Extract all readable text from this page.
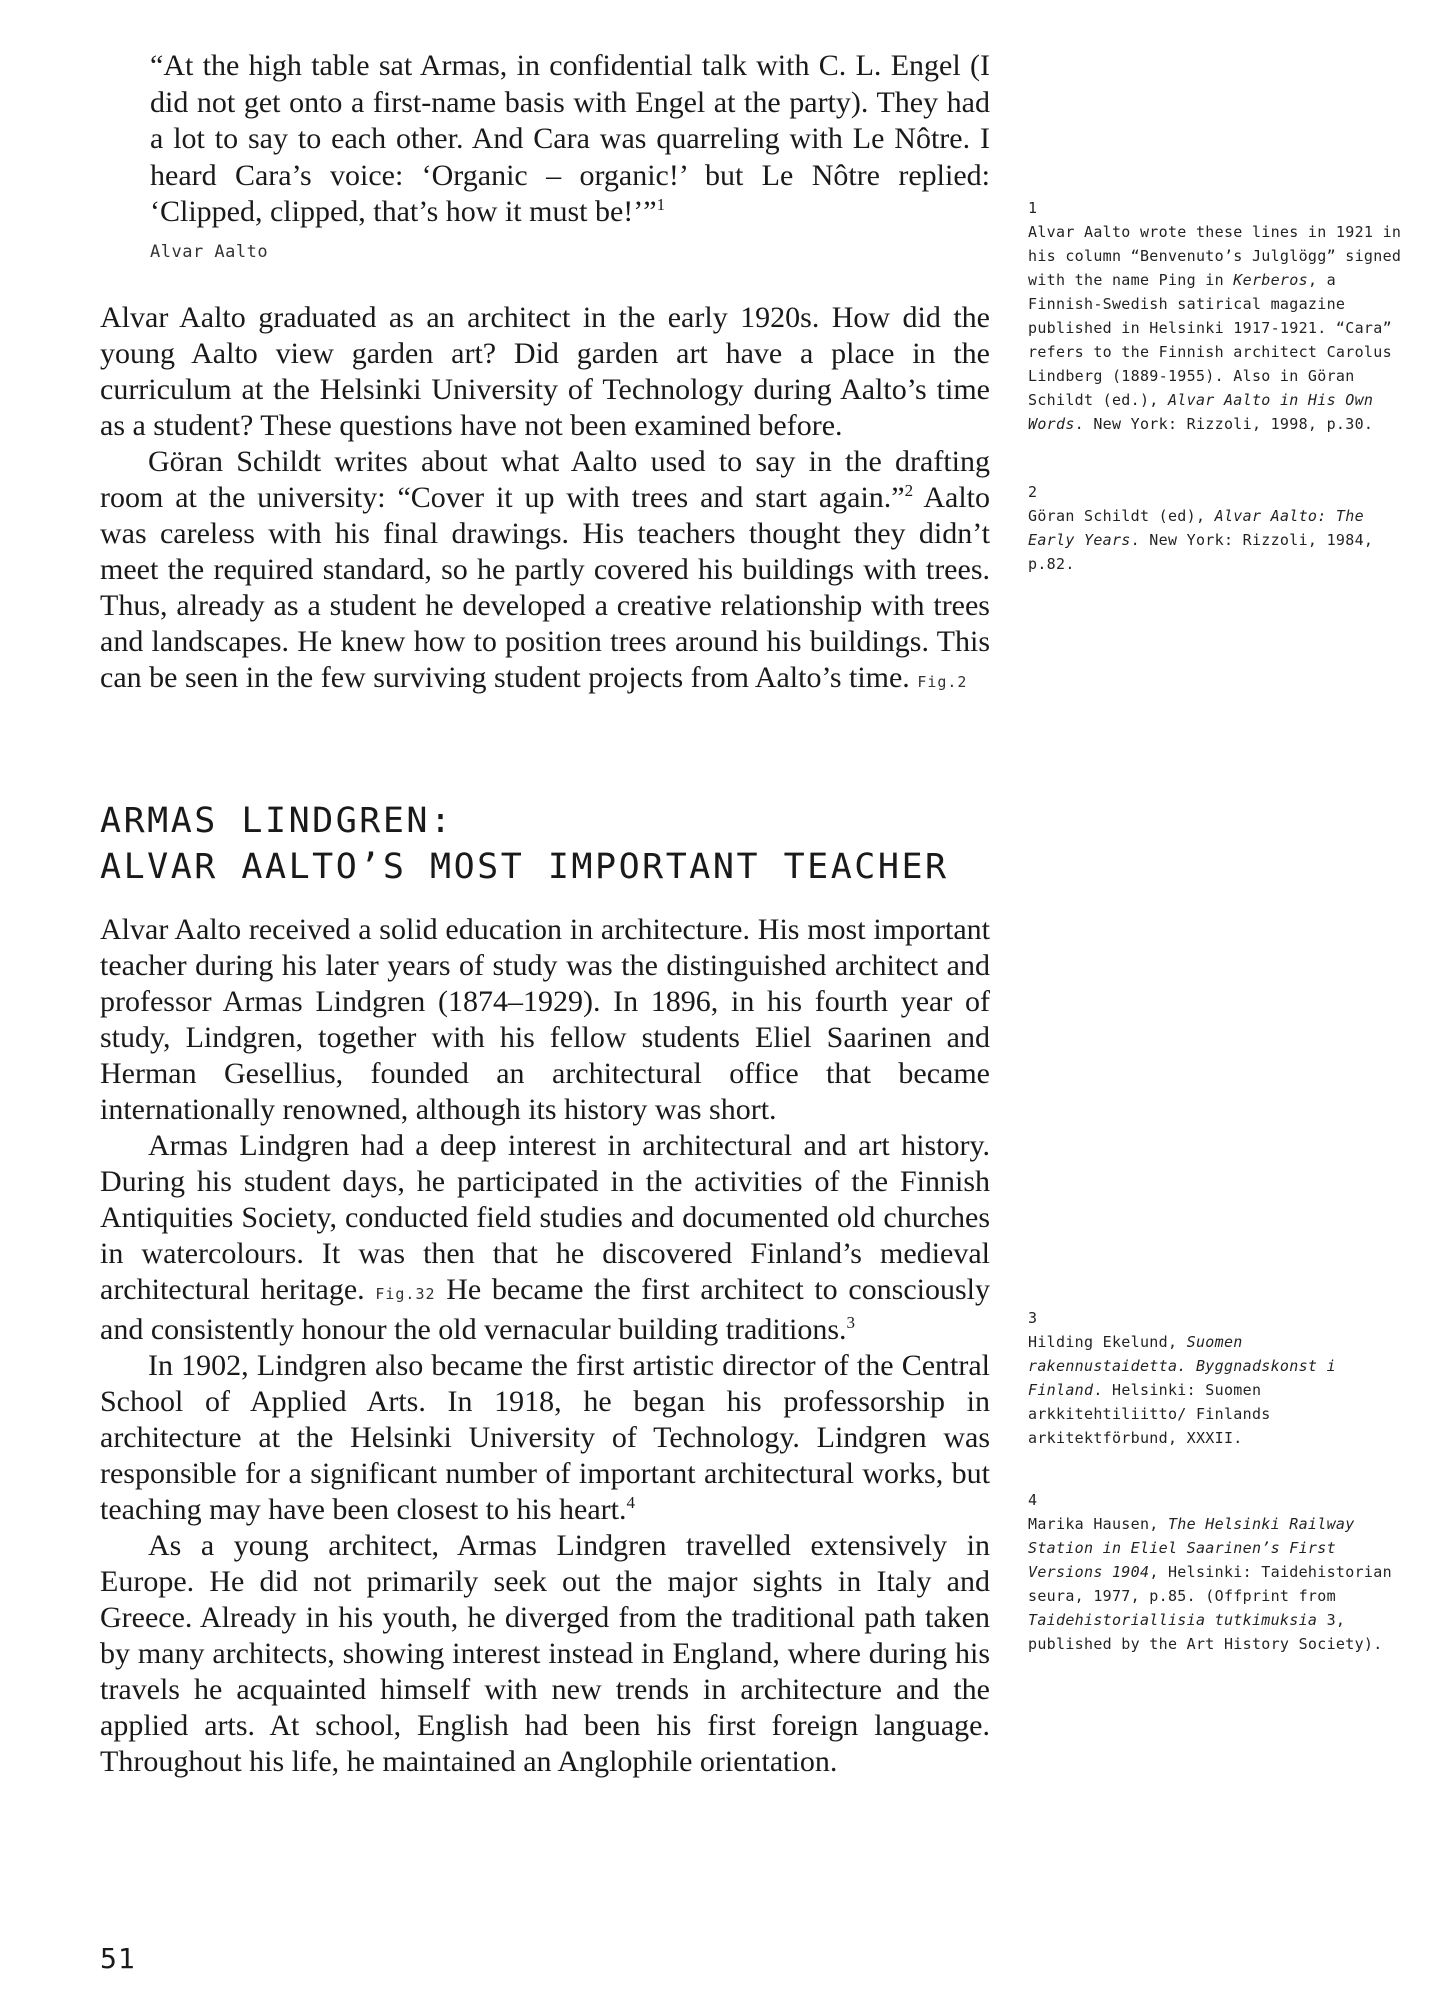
“At the high table sat Armas, in confidential talk with C. L. Engel (I did not get onto a first-name basis with Engel at the party). They had a lot to say to each other. And Cara was quarreling with Le Nôtre. I heard Cara’s voice: ‘Organic – organic!’ but Le Nôtre replied: ‘Clipped, clipped, that’s how it must be!’”$^1$
Alvar Aalto

Alvar Aalto graduated as an architect in the early 1920s. How did the young Aalto view garden art? Did garden art have a place in the curriculum at the Helsinki University of Technology during Aalto’s time as a student? These questions have not been examined before.

Göran Schildt writes about what Aalto used to say in the drafting room at the university: “Cover it up with trees and start again.”$^2$ Aalto was careless with his final drawings. His teachers thought they didn’t meet the required standard, so he partly covered his buildings with trees. Thus, already as a student he developed a creative relationship with trees and landscapes. He knew how to position trees around his buildings. This can be seen in the few surviving student projects from Aalto’s time. Fig.2

ARMAS LINDGREN:
ALVAR AALTO’S MOST IMPORTANT TEACHER

Alvar Aalto received a solid education in architecture. His most important teacher during his later years of study was the distinguished architect and professor Armas Lindgren (1874–1929). In 1896, in his fourth year of study, Lindgren, together with his fellow students Eliel Saarinen and Herman Gesellius, founded an architectural office that became internationally renowned, although its history was short.

Armas Lindgren had a deep interest in architectural and art history. During his student days, he participated in the activities of the Finnish Antiquities Society, conducted field studies and documented old churches in watercolours. It was then that he discovered Finland’s medieval architectural heritage. Fig.32 He became the first architect to consciously and consistently honour the old vernacular building traditions.$^3$

In 1902, Lindgren also became the first artistic director of the Central School of Applied Arts. In 1918, he began his professorship in architecture at the Helsinki University of Technology. Lindgren was responsible for a significant number of important architectural works, but teaching may have been closest to his heart.$^4$

As a young architect, Armas Lindgren travelled extensively in Europe. He did not primarily seek out the major sights in Italy and Greece. Already in his youth, he diverged from the traditional path taken by many architects, showing interest instead in England, where during his travels he acquainted himself with new trends in architecture and the applied arts. At school, English had been his first foreign language. Throughout his life, he maintained an Anglophile orientation.

1
Alvar Aalto wrote these lines in 1921 in his column “Benvenuto’s Julglögg” signed with the name Ping in Kerberos, a Finnish-Swedish satirical magazine published in Helsinki 1917-1921. “Cara” refers to the Finnish architect Carolus Lindberg (1889-1955). Also in Göran Schildt (ed.), Alvar Aalto in His Own Words. New York: Rizzoli, 1998, p.30.
2
Göran Schildt (ed), Alvar Aalto: The Early Years. New York: Rizzoli, 1984, p.82.
3
Hilding Ekelund, Suomen rakennustaidetta. Byggnadskonst i Finland. Helsinki: Suomen arkkitehtiliitto/ Finlands arkitektförbund, XXXII.
4
Marika Hausen, The Helsinki Railway Station in Eliel Saarinen’s First Versions 1904, Helsinki: Taidehistorian seura, 1977, p.85. (Offprint from Taidehistoriallisia tutkimuksia 3, published by the Art History Society).
51
